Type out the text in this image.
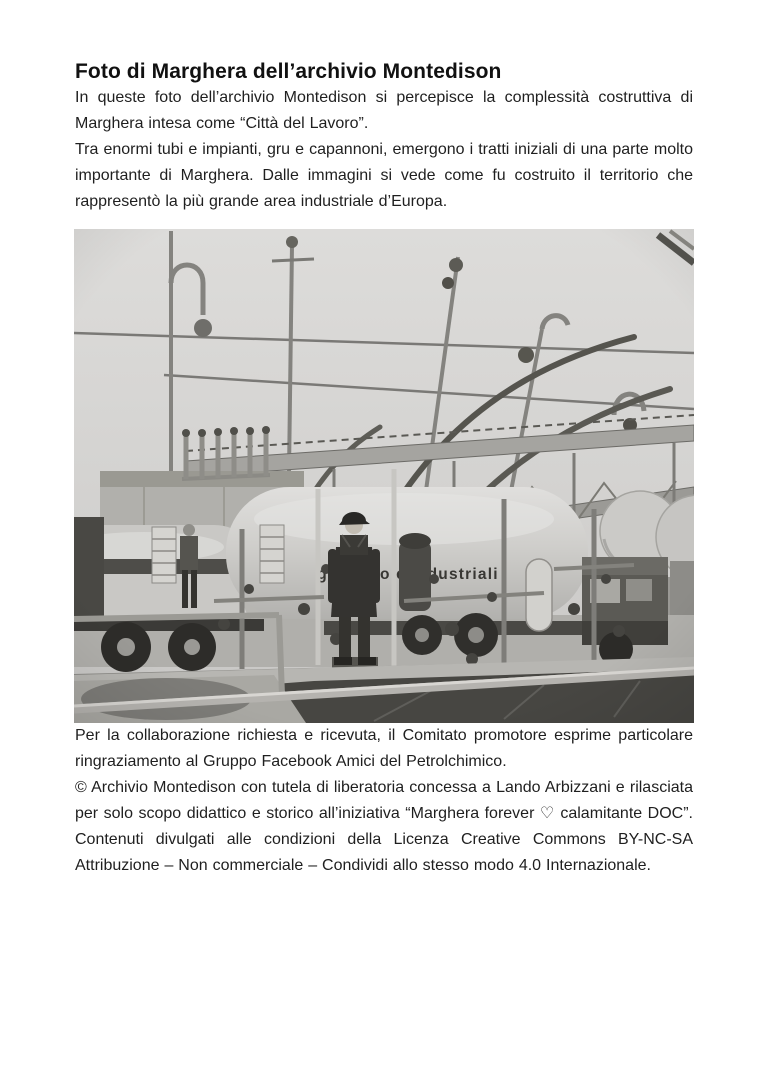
Foto di Marghera dell’archivio Montedison

In queste foto dell’archivio Montedison si percepisce la complessità costruttiva di Marghera intesa come “Città del Lavoro”.

Tra enormi tubi e impianti, gru e capannoni, emergono i tratti iniziali di una parte molto importante di Marghera. Dalle immagini si vede come fu costruito il territorio che rappresentò la più grande area industriale d’Europa.

Per la collaborazione richiesta e ricevuta, il Comitato promotore esprime particolare ringraziamento al Gruppo Facebook Amici del Petrolchimico.

© Archivio Montedison con tutela di liberatoria concessa a Lando Arbizzani e rilasciata per solo scopo didattico e storico all’iniziativa “Marghera forever ♡ calamitante DOC”. Contenuti divulgati alle condizioni della Licenza Creative Commons BY-NC-SA Attribuzione – Non commerciale – Condividi allo stesso modo 4.0 Internazionale.
